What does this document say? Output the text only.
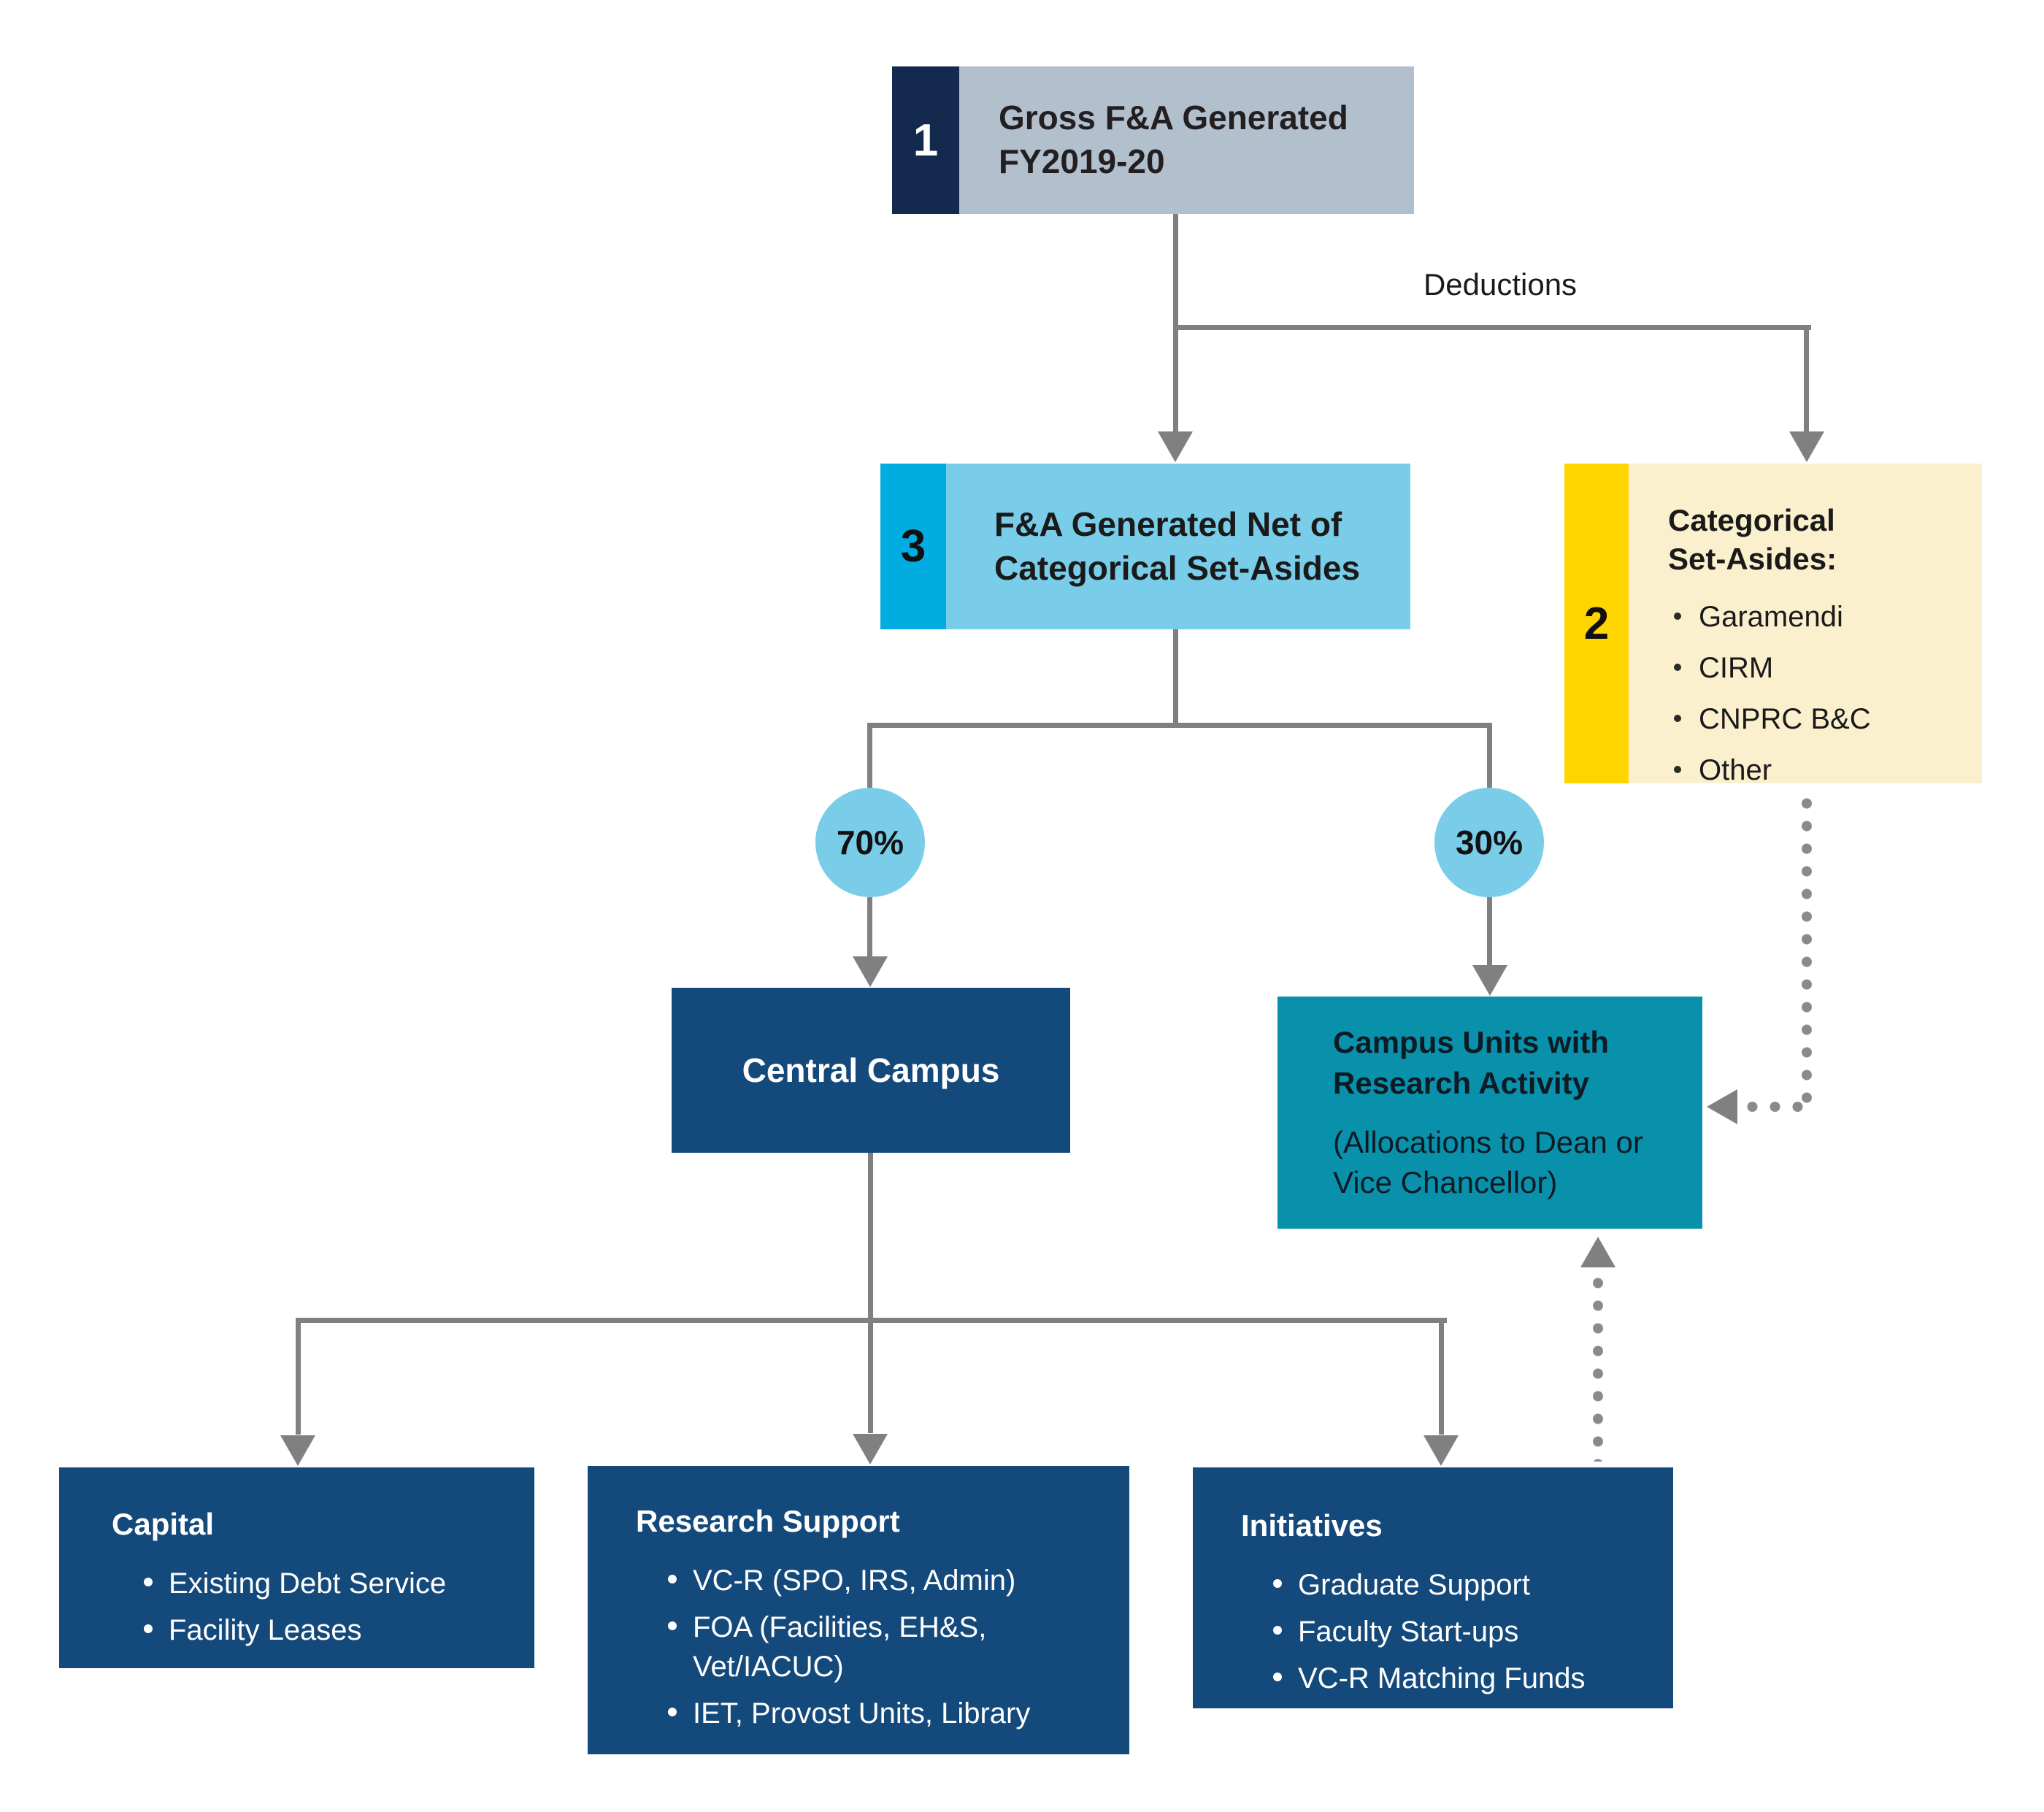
Deductions
1 Gross F&A Generated FY2019-20
3 F&A Generated Net of Categorical Set-Asides
2
Categorical Set-Asides:
Garamendi
CIRM
CNPRC B&C
Other
70%	30%
Central Campus
Campus Units with Research Activity
(Allocations to Dean or Vice Chancellor)
Capital
Existing Debt Service
Facility Leases
Research Support
VC-R (SPO, IRS, Admin)
FOA (Facilities, EH&S, Vet/IACUC)
IET, Provost Units, Library
Initiatives
Graduate Support
Faculty Start-ups
VC-R Matching Funds
